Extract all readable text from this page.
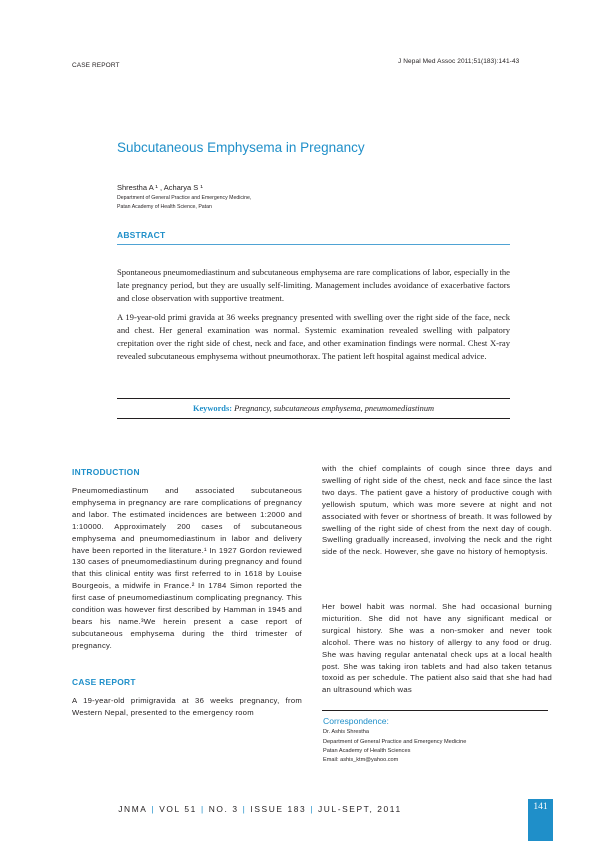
CASE REPORT
J Nepal Med Assoc 2011;51(183):141-43
Subcutaneous Emphysema in Pregnancy
Shrestha A ¹ , Acharya S ¹
Department of General Practice and Emergency Medicine,
Patan Academy of Health Science, Patan
ABSTRACT
Spontaneous pneumomediastinum and subcutaneous emphysema are rare complications of labor, especially in the late pregnancy period, but they are usually self-limiting. Management includes avoidance of exacerbative factors and close observation with supportive treatment.
A 19-year-old primi gravida at 36 weeks pregnancy presented with swelling over the right side of the face, neck and chest. Her general examination was normal. Systemic examination revealed swelling with palpatory crepitation over the right side of chest, neck and face, and other examination findings were normal. Chest X-ray revealed subcutaneous emphysema without pneumothorax. The patient left hospital against medical advice.
Keywords: Pregnancy, subcutaneous emphysema, pneumomediastinum
INTRODUCTION

Pneumomediastinum and associated subcutaneous emphysema in pregnancy are rare complications of pregnancy and labor. The estimated incidences are between 1:2000 and 1:10000. Approximately 200 cases of subcutaneous emphysema and pneumomediastinum in labor and delivery have been reported in the literature.¹ In 1927 Gordon reviewed 130 cases of pneumomediastinum during pregnancy and found that this clinical entity was first referred to in 1618 by Louise Bourgeois, a midwife in France.² In 1784 Simon reported the first case of pneumomediastinum complicating pregnancy. This condition was however first described by Hamman in 1945 and bears his name.³We herein present a case report of subcutaneous emphysema during the third trimester of pregnancy.

CASE REPORT

A 19-year-old primigravida at 36 weeks pregnancy, from Western Nepal, presented to the emergency room

with the chief complaints of cough since three days and swelling of right side of the chest, neck and face since the last two days. The patient gave a history of productive cough with yellowish sputum, which was more severe at night and not associated with fever or shortness of breath. It was followed by swelling of the right side of chest from the next day of cough. Swelling gradually increased, involving the neck and the right side of the neck. However, she gave no history of hemoptysis.

Her bowel habit was normal. She had occasional burning micturition. She did not have any significant medical or surgical history. She was a non-smoker and never took alcohol. There was no history of allergy to any food or drug. She was having regular antenatal check ups at a local health post. She was taking iron tablets and had also taken tetanus toxoid as per schedule. The patient also said that she had had an ultrasound which was

Correspondence:
Dr. Ashis Shrestha
Department of General Practice and Emergency Medicine
Patan Academy of Health Sciences
Email: ashis_ktm@yahoo.com
JNMA | VOL 51 | NO. 3 | ISSUE 183 | JUL-SEPT, 2011	141
